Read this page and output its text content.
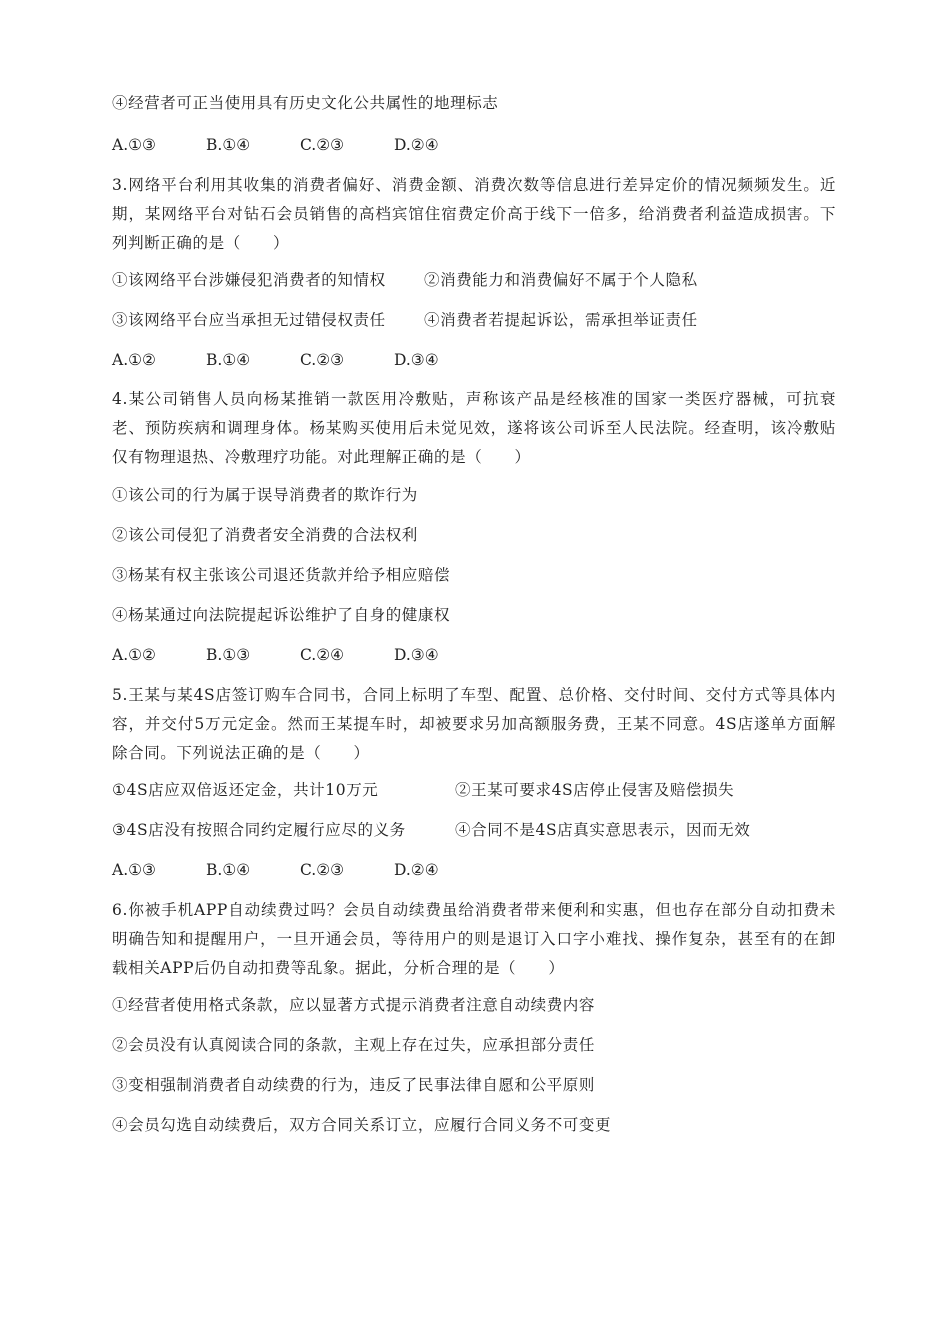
④经营者可正当使用具有历史文化公共属性的地理标志
A.①③	B.①④	C.②③	D.②④
3.网络平台利用其收集的消费者偏好、消费金额、消费次数等信息进行差异定价的情况频频发生。近期，某网络平台对钻石会员销售的高档宾馆住宿费定价高于线下一倍多，给消费者利益造成损害。下列判断正确的是（　　）
①该网络平台涉嫌侵犯消费者的知情权 ②消费能力和消费偏好不属于个人隐私
③该网络平台应当承担无过错侵权责任 ④消费者若提起诉讼，需承担举证责任
A.①②	B.①④	C.②③	D.③④
4.某公司销售人员向杨某推销一款医用冷敷贴，声称该产品是经核准的国家一类医疗器械，可抗衰老、预防疾病和调理身体。杨某购买使用后未觉见效，遂将该公司诉至人民法院。经查明，该冷敷贴仅有物理退热、冷敷理疗功能。对此理解正确的是（　　）
①该公司的行为属于误导消费者的欺诈行为
②该公司侵犯了消费者安全消费的合法权利
③杨某有权主张该公司退还货款并给予相应赔偿
④杨某通过向法院提起诉讼维护了自身的健康权
A.①②	B.①③	C.②④	D.③④
5.王某与某4S店签订购车合同书，合同上标明了车型、配置、总价格、交付时间、交付方式等具体内容，并交付5万元定金。然而王某提车时，却被要求另加高额服务费，王某不同意。4S店遂单方面解除合同。下列说法正确的是（　　）
①4S店应双倍返还定金，共计10万元	②王某可要求4S店停止侵害及赔偿损失
③4S店没有按照合同约定履行应尽的义务	④合同不是4S店真实意思表示，因而无效
A.①③	B.①④	C.②③	D.②④
6.你被手机APP自动续费过吗？会员自动续费虽给消费者带来便利和实惠，但也存在部分自动扣费未明确告知和提醒用户，一旦开通会员，等待用户的则是退订入口字小难找、操作复杂，甚至有的在卸载相关APP后仍自动扣费等乱象。据此，分析合理的是（　　）
①经营者使用格式条款，应以显著方式提示消费者注意自动续费内容
②会员没有认真阅读合同的条款，主观上存在过失，应承担部分责任
③变相强制消费者自动续费的行为，违反了民事法律自愿和公平原则
④会员勾选自动续费后，双方合同关系订立，应履行合同义务不可变更
